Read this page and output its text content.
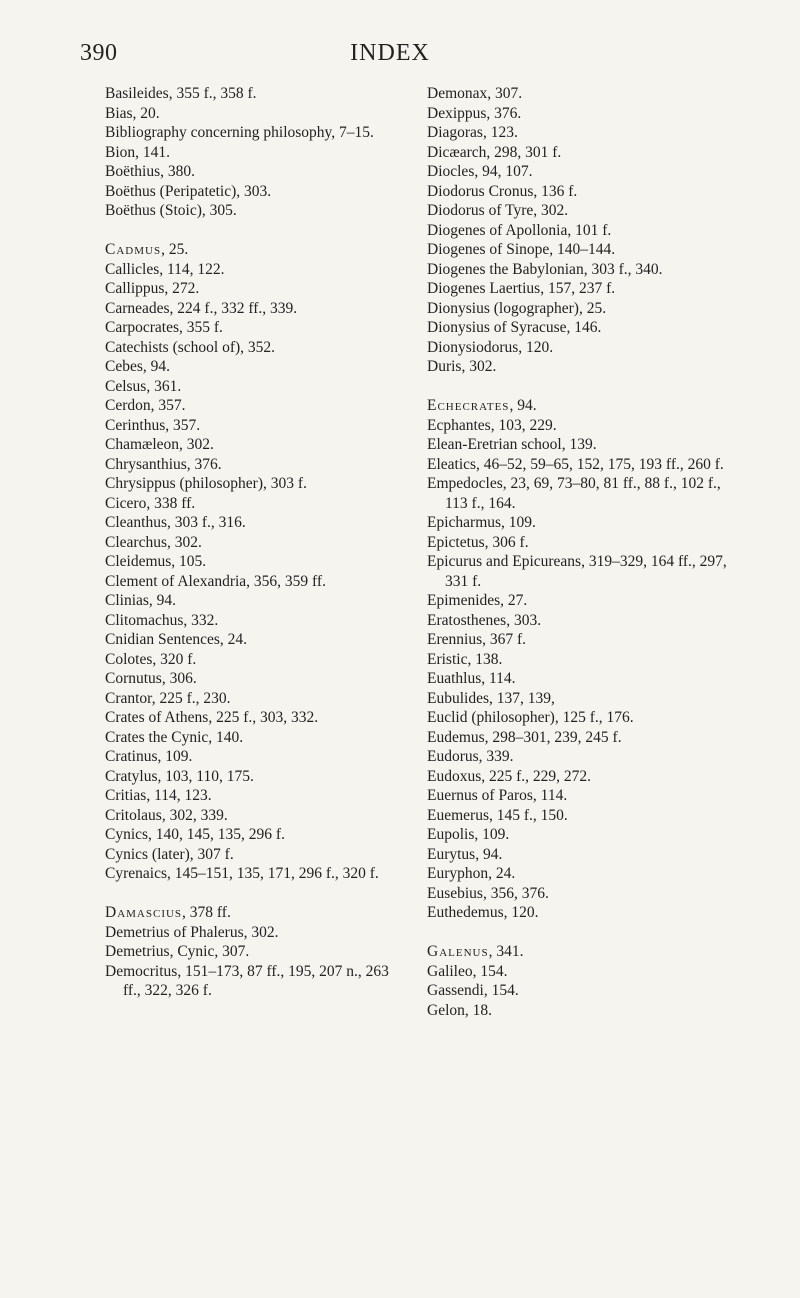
390	INDEX

Basileides, 355 f., 358 f.

Bias, 20.

Bibliography concerning philosophy, 7–15.

Bion, 141.

Boëthius, 380.

Boëthus (Peripatetic), 303.

Boëthus (Stoic), 305.

Cadmus, 25.

Callicles, 114, 122.

Callippus, 272.

Carneades, 224 f., 332 ff., 339.

Carpocrates, 355 f.

Catechists (school of), 352.

Cebes, 94.

Celsus, 361.

Cerdon, 357.

Cerinthus, 357.

Chamæleon, 302.

Chrysanthius, 376.

Chrysippus (philosopher), 303 f.

Cicero, 338 ff.

Cleanthus, 303 f., 316.

Clearchus, 302.

Cleidemus, 105.

Clement of Alexandria, 356, 359 ff.

Clinias, 94.

Clitomachus, 332.

Cnidian Sentences, 24.

Colotes, 320 f.

Cornutus, 306.

Crantor, 225 f., 230.

Crates of Athens, 225 f., 303, 332.

Crates the Cynic, 140.

Cratinus, 109.

Cratylus, 103, 110, 175.

Critias, 114, 123.

Critolaus, 302, 339.

Cynics, 140, 145, 135, 296 f.

Cynics (later), 307 f.

Cyrenaics, 145–151, 135, 171, 296 f., 320 f.

Damascius, 378 ff.

Demetrius of Phalerus, 302.

Demetrius, Cynic, 307.

Democritus, 151–173, 87 ff., 195, 207 n., 263 ff., 322, 326 f.

Demonax, 307.

Dexippus, 376.

Diagoras, 123.

Dicæarch, 298, 301 f.

Diocles, 94, 107.

Diodorus Cronus, 136 f.

Diodorus of Tyre, 302.

Diogenes of Apollonia, 101 f.

Diogenes of Sinope, 140–144.

Diogenes the Babylonian, 303 f., 340.

Diogenes Laertius, 157, 237 f.

Dionysius (logographer), 25.

Dionysius of Syracuse, 146.

Dionysiodorus, 120.

Duris, 302.

Echecrates, 94.

Ecphantes, 103, 229.

Elean-Eretrian school, 139.

Eleatics, 46–52, 59–65, 152, 175, 193 ff., 260 f.

Empedocles, 23, 69, 73–80, 81 ff., 88 f., 102 f., 113 f., 164.

Epicharmus, 109.

Epictetus, 306 f.

Epicurus and Epicureans, 319–329, 164 ff., 297, 331 f.

Epimenides, 27.

Eratosthenes, 303.

Erennius, 367 f.

Eristic, 138.

Euathlus, 114.

Eubulides, 137, 139,

Euclid (philosopher), 125 f., 176.

Eudemus, 298–301, 239, 245 f.

Eudorus, 339.

Eudoxus, 225 f., 229, 272.

Euernus of Paros, 114.

Euemerus, 145 f., 150.

Eupolis, 109.

Eurytus, 94.

Euryphon, 24.

Eusebius, 356, 376.

Euthedemus, 120.

Galenus, 341.

Galileo, 154.

Gassendi, 154.

Gelon, 18.
